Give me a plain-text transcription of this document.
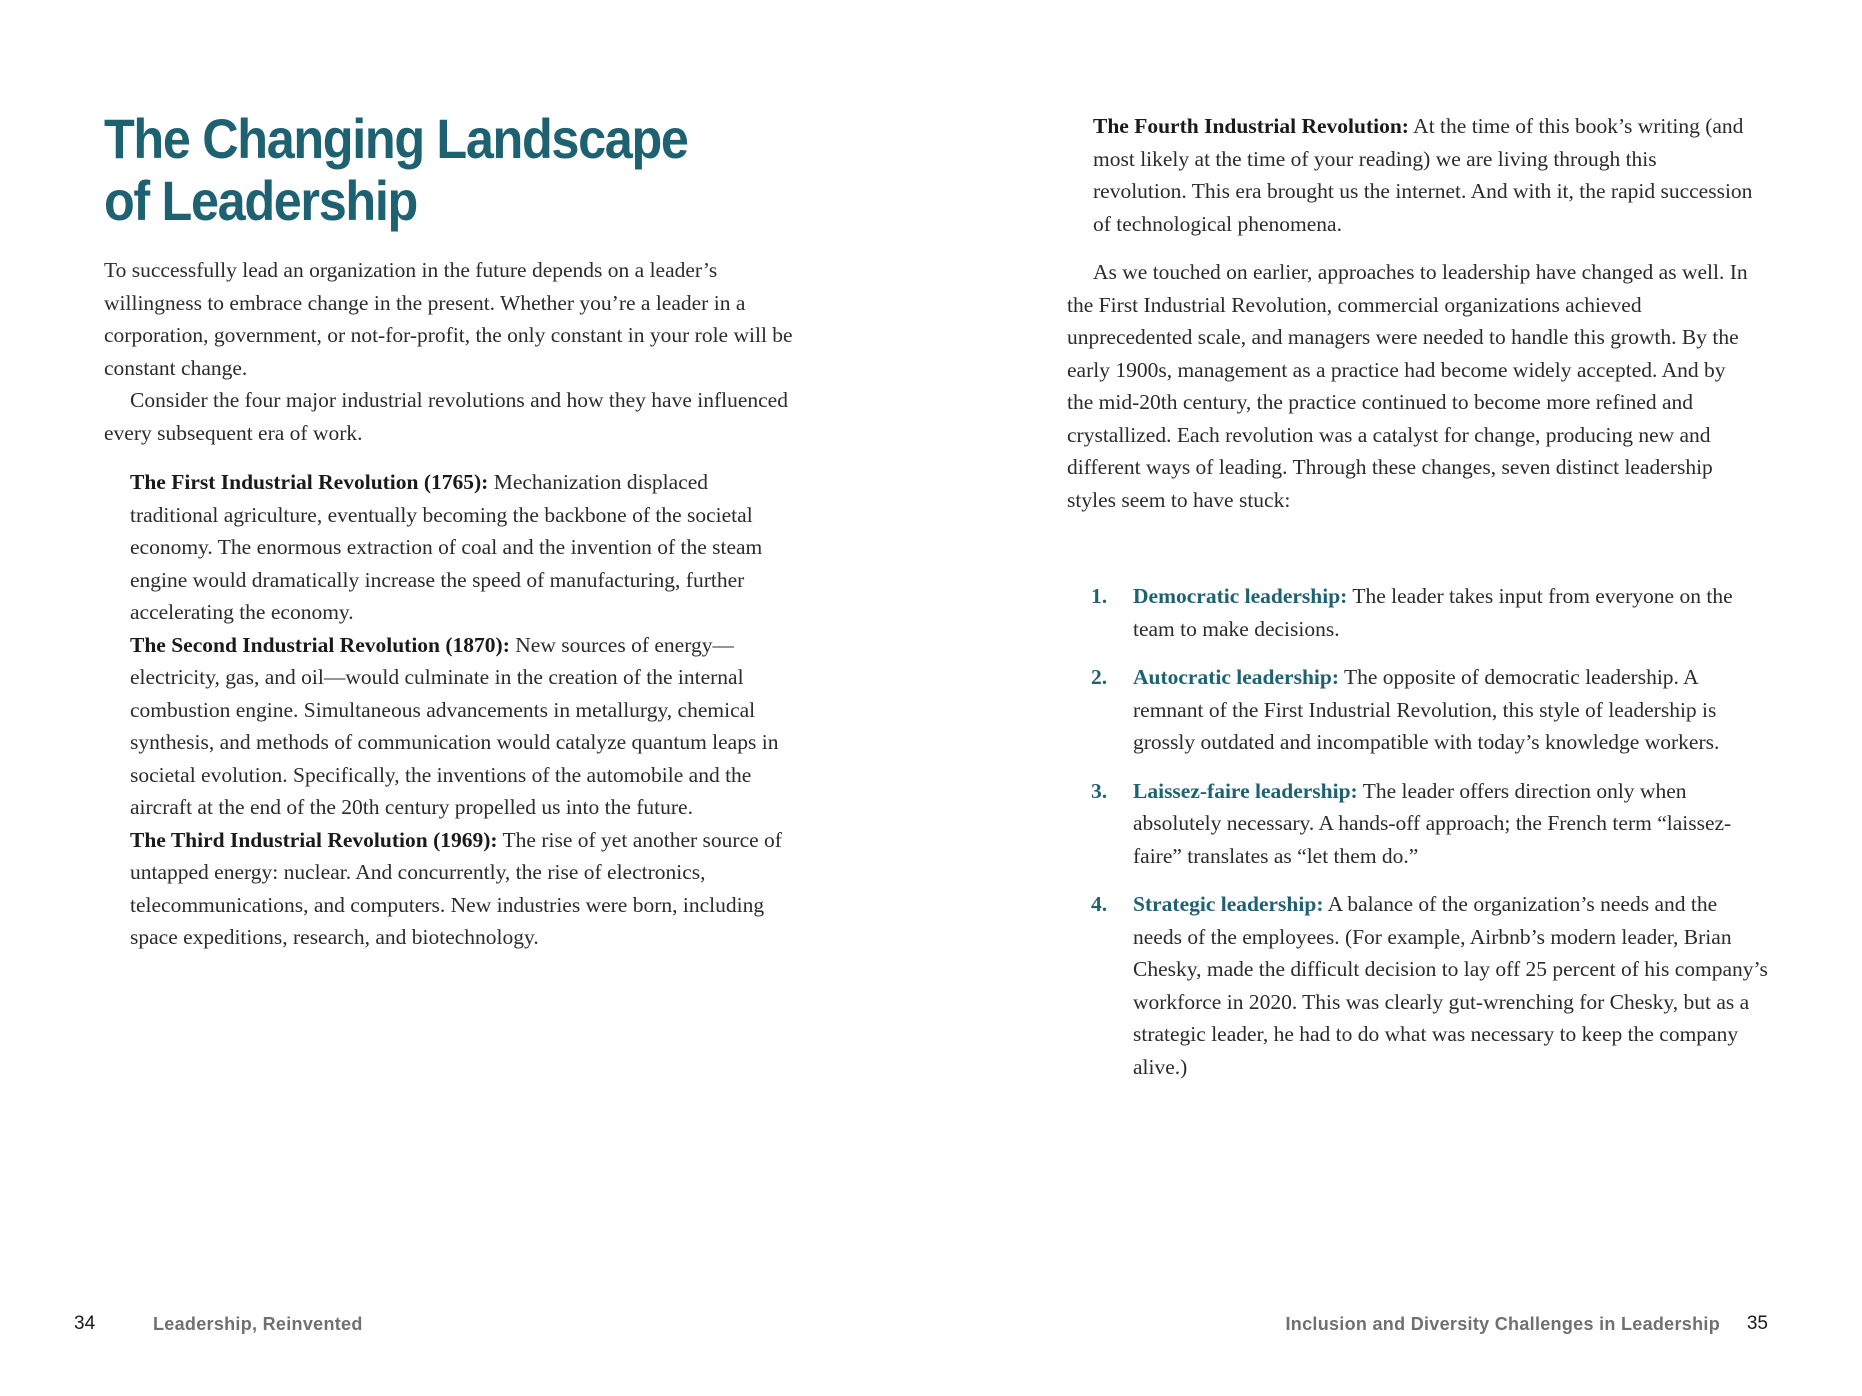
The Changing Landscape
of Leadership

To successfully lead an organization in the future depends on a leader’s willingness to embrace change in the present. Whether you’re a leader in a corporation, government, or not-for-profit, the only constant in your role will be constant change.

Consider the four major industrial revolutions and how they have influenced every subsequent era of work.

The First Industrial Revolution (1765): Mechanization displaced traditional agriculture, eventually becoming the backbone of the societal economy. The enormous extraction of coal and the invention of the steam engine would dramatically increase the speed of manufacturing, further accelerating the economy.

The Second Industrial Revolution (1870): New sources of energy—electricity, gas, and oil—would culminate in the creation of the internal combustion engine. Simultaneous advancements in metallurgy, chemical synthesis, and methods of communication would catalyze quantum leaps in societal evolution. Specifically, the inventions of the automobile and the aircraft at the end of the 20th century propelled us into the future.

The Third Industrial Revolution (1969): The rise of yet another source of untapped energy: nuclear. And concurrently, the rise of electronics, telecommunications, and computers. New industries were born, including space expeditions, research, and biotechnology.

34	Leadership, Reinvented

The Fourth Industrial Revolution: At the time of this book’s writing (and most likely at the time of your reading) we are living through this revolution. This era brought us the internet. And with it, the rapid succession of technological phenomena.

As we touched on earlier, approaches to leadership have changed as well. In the First Industrial Revolution, commercial organizations achieved unprecedented scale, and managers were needed to handle this growth. By the early 1900s, management as a practice had become widely accepted. And by the mid-20th century, the practice continued to become more refined and crystallized. Each revolution was a catalyst for change, producing new and different ways of leading. Through these changes, seven distinct leadership styles seem to have stuck:

1. Democratic leadership: The leader takes input from everyone on the team to make decisions.
2. Autocratic leadership: The opposite of democratic leadership. A remnant of the First Industrial Revolution, this style of leadership is grossly outdated and incompatible with today’s knowledge workers.
3. Laissez-faire leadership: The leader offers direction only when absolutely necessary. A hands-off approach; the French term “laissez-faire” translates as “let them do.”
4. Strategic leadership: A balance of the organization’s needs and the needs of the employees. (For example, Airbnb’s modern leader, Brian Chesky, made the difficult decision to lay off 25 percent of his company’s workforce in 2020. This was clearly gut-wrenching for Chesky, but as a strategic leader, he had to do what was necessary to keep the company alive.)
Inclusion and Diversity Challenges in Leadership 35
